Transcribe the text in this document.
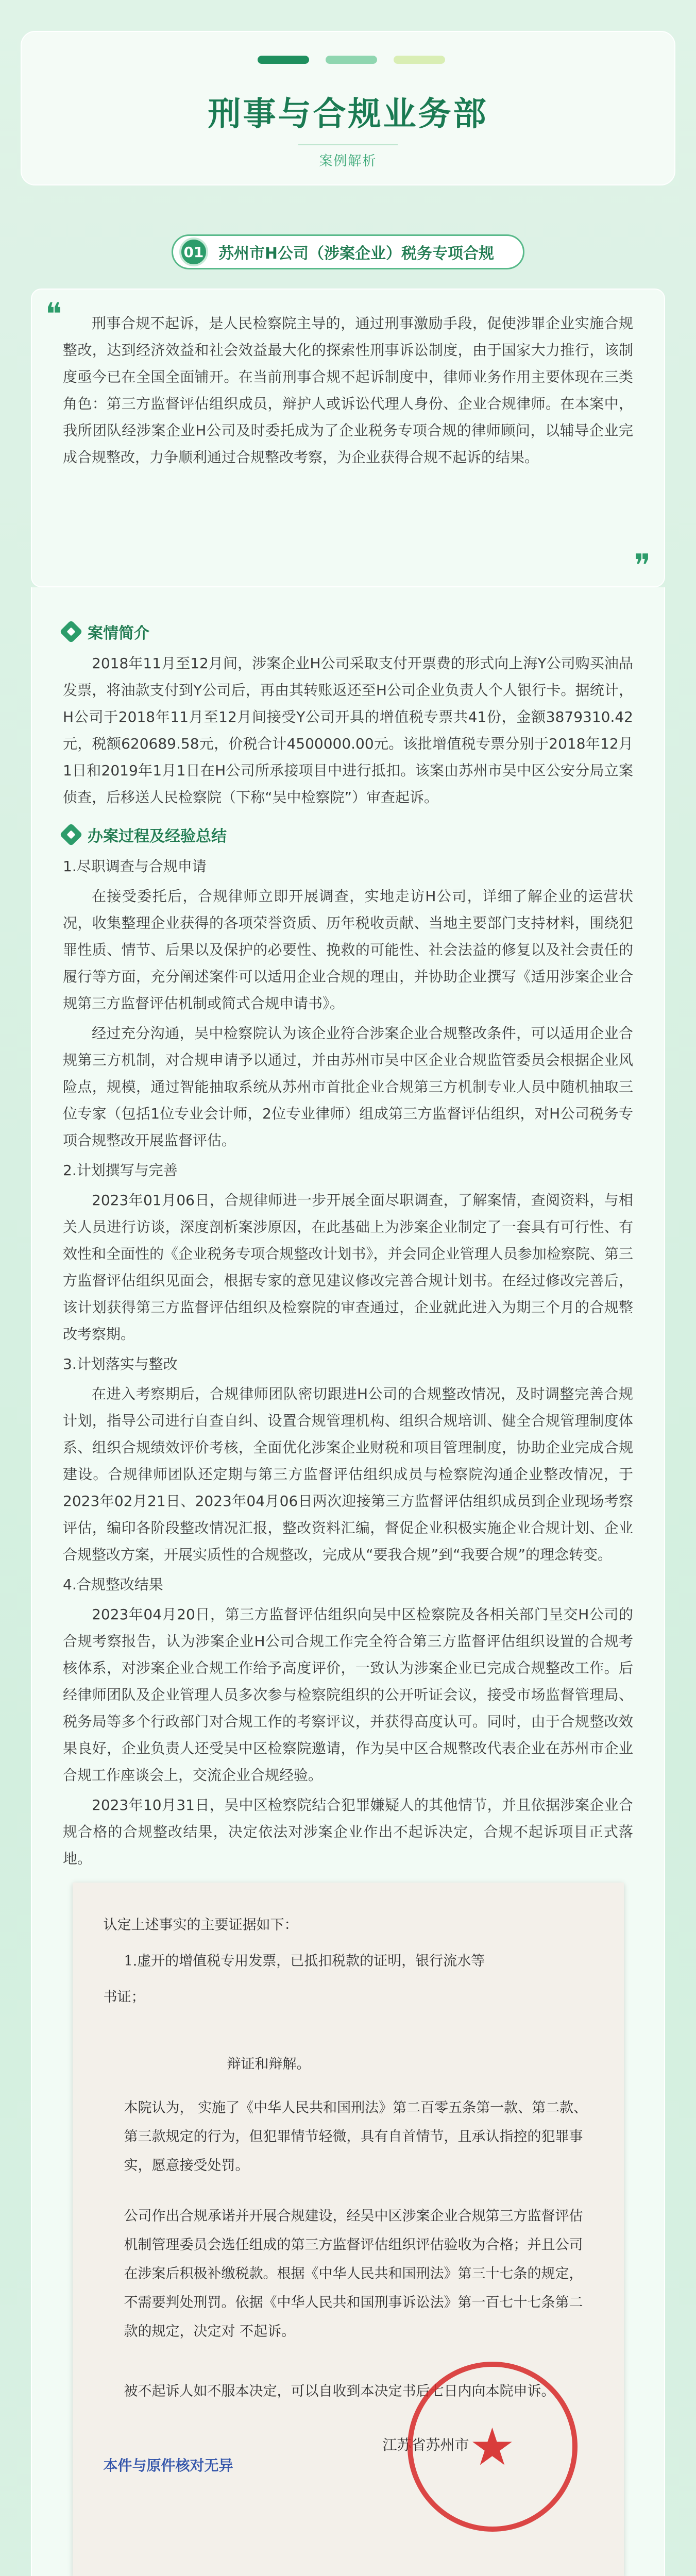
刑事与合规业务部
案例解析
01 苏州市H公司（涉案企业）税务专项合规
❝	刑事合规不起诉，是人民检察院主导的，通过刑事激励手段，促使涉罪企业实施合规整改，达到经济效益和社会效益最大化的探索性刑事诉讼制度，由于国家大力推行，该制度亟今已在全国全面铺开。在当前刑事合规不起诉制度中，律师业务作用主要体现在三类角色：第三方监督评估组织成员，辩护人或诉讼代理人身份、企业合规律师。在本案中，我所团队经涉案企业H公司及时委托成为了企业税务专项合规的律师顾问，以辅导企业完成合规整改，力争顺利通过合规整改考察，为企业获得合规不起诉的结果。

❞
案情简介

2018年11月至12月间，涉案企业H公司采取支付开票费的形式向上海Y公司购买油品发票，将油款支付到Y公司后，再由其转账返还至H公司企业负责人个人银行卡。据统计，H公司于2018年11月至12月间接受Y公司开具的增值税专票共41份，金额3879310.42元，税额620689.58元，价税合计4500000.00元。该批增值税专票分别于2018年12月1日和2019年1月1日在H公司所承接项目中进行抵扣。该案由苏州市吴中区公安分局立案侦查，后移送人民检察院（下称“吴中检察院”）审查起诉。

办案过程及经验总结

1.尽职调查与合规申请

在接受委托后，合规律师立即开展调查，实地走访H公司，详细了解企业的运营状况，收集整理企业获得的各项荣誉资质、历年税收贡献、当地主要部门支持材料，围绕犯罪性质、情节、后果以及保护的必要性、挽救的可能性、社会法益的修复以及社会责任的履行等方面，充分阐述案件可以适用企业合规的理由，并协助企业撰写《适用涉案企业合规第三方监督评估机制或简式合规申请书》。

经过充分沟通，吴中检察院认为该企业符合涉案企业合规整改条件，可以适用企业合规第三方机制，对合规申请予以通过，并由苏州市吴中区企业合规监管委员会根据企业风险点，规模，通过智能抽取系统从苏州市首批企业合规第三方机制专业人员中随机抽取三位专家（包括1位专业会计师，2位专业律师）组成第三方监督评估组织，对H公司税务专项合规整改开展监督评估。

2.计划撰写与完善

2023年01月06日，合规律师进一步开展全面尽职调查，了解案情，查阅资料，与相关人员进行访谈，深度剖析案涉原因，在此基础上为涉案企业制定了一套具有可行性、有效性和全面性的《企业税务专项合规整改计划书》，并会同企业管理人员参加检察院、第三方监督评估组织见面会，根据专家的意见建议修改完善合规计划书。在经过修改完善后，该计划获得第三方监督评估组织及检察院的审查通过，企业就此进入为期三个月的合规整改考察期。

3.计划落实与整改

在进入考察期后，合规律师团队密切跟进H公司的合规整改情况，及时调整完善合规计划，指导公司进行自查自纠、设置合规管理机构、组织合规培训、健全合规管理制度体系、组织合规绩效评价考核，全面优化涉案企业财税和项目管理制度，协助企业完成合规建设。合规律师团队还定期与第三方监督评估组织成员与检察院沟通企业整改情况，于2023年02月21日、2023年04月06日两次迎接第三方监督评估组织成员到企业现场考察评估，编印各阶段整改情况汇报，整改资料汇编，督促企业积极实施企业合规计划、企业合规整改方案，开展实质性的合规整改，完成从“要我合规”到“我要合规”的理念转变。

4.合规整改结果

2023年04月20日，第三方监督评估组织向吴中区检察院及各相关部门呈交H公司的合规考察报告，认为涉案企业H公司合规工作完全符合第三方监督评估组织设置的合规考核体系，对涉案企业合规工作给予高度评价，一致认为涉案企业已完成合规整改工作。后经律师团队及企业管理人员多次参与检察院组织的公开听证会议，接受市场监督管理局、税务局等多个行政部门对合规工作的考察评议，并获得高度认可。同时，由于合规整改效果良好，企业负责人还受吴中区检察院邀请，作为吴中区合规整改代表企业在苏州市企业合规工作座谈会上，交流企业合规经验。

2023年10月31日，吴中区检察院结合犯罪嫌疑人的其他情节，并且依据涉案企业合规合格的合规整改结果，决定依法对涉案企业作出不起诉决定，合规不起诉项目正式落地。

认定上述事实的主要证据如下：
1.虚开的增值税专用发票，已抵扣税款的证明，银行流水等
书证；
辩证和辩解。
本院认为， 实施了《中华人民共和国刑法》第二百零五条第一款、第二款、第三款规定的行为，但犯罪情节轻微，具有自首情节，且承认指控的犯罪事实，愿意接受处罚。
公司作出合规承诺并开展合规建设，经吴中区涉案企业合规第三方监督评估机制管理委员会选任组成的第三方监督评估组织评估验收为合格；并且公司在涉案后积极补缴税款。根据《中华人民共和国刑法》第三十七条的规定，不需要判处刑罚。依据《中华人民共和国刑事诉讼法》第一百七十七条第二款的规定，决定对 不起诉。
被不起诉人如不服本决定，可以自收到本决定书后七日内向本院申诉。
本件与原件核对无异
江苏省苏州市 ★
